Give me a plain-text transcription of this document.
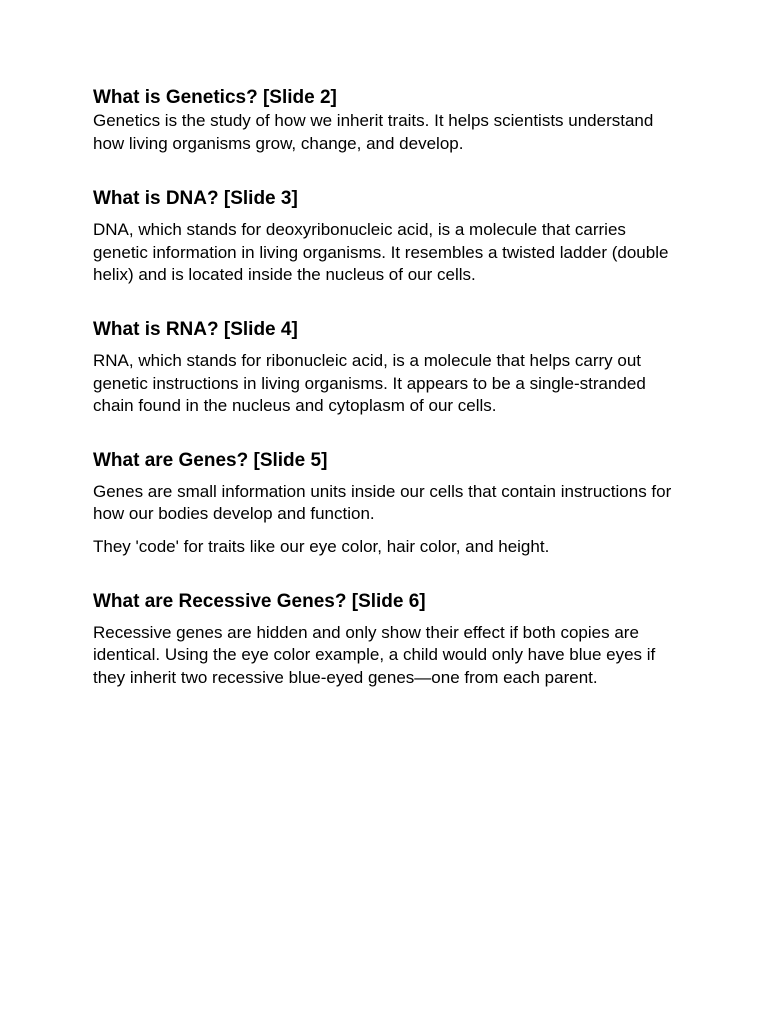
What is Genetics? [Slide 2]

Genetics is the study of how we inherit traits. It helps scientists understand how living organisms grow, change, and develop.

What is DNA? [Slide 3]

DNA, which stands for deoxyribonucleic acid, is a molecule that carries genetic information in living organisms. It resembles a twisted ladder (double helix) and is located inside the nucleus of our cells.

What is RNA? [Slide 4]

RNA, which stands for ribonucleic acid, is a molecule that helps carry out genetic instructions in living organisms. It appears to be a single-stranded chain found in the nucleus and cytoplasm of our cells.

What are Genes? [Slide 5]

Genes are small information units inside our cells that contain instructions for how our bodies develop and function.

They 'code' for traits like our eye color, hair color, and height.

What are Recessive Genes? [Slide 6]

Recessive genes are hidden and only show their effect if both copies are identical. Using the eye color example, a child would only have blue eyes if they inherit two recessive blue-eyed genes—one from each parent.
